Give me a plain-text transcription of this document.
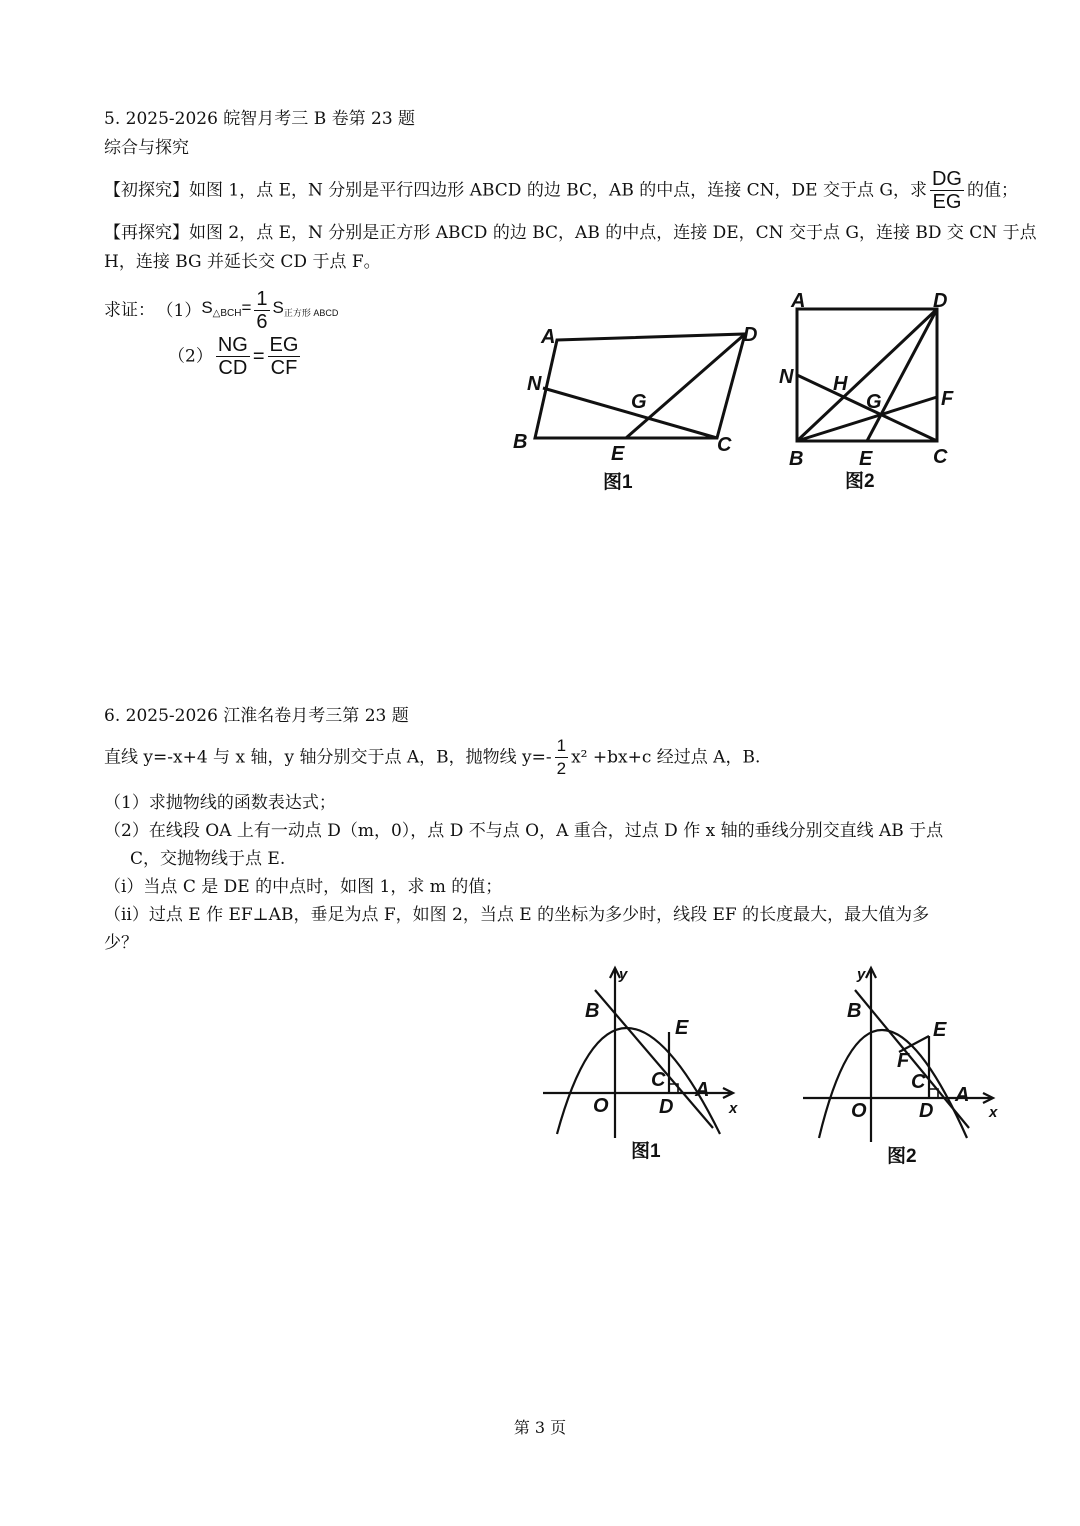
5. 2025-2026 皖智月考三 B 卷第 23 题
综合与探究
【初探究】如图 1，点 E，N 分别是平行四边形 ABCD 的边 BC，AB 的中点，连接 CN，DE 交于点 G，求 $\frac{DG}{EG}$ 的值；
【再探究】如图 2，点 E，N 分别是正方形 ABCD 的边 BC，AB 的中点，连接 DE，CN 交于点 G，连接 BD 交 CN 于点
H，连接 BG 并延长交 CD 于点 F。
求证： $(1)S_{\triangle BCH}= \frac{1}{6} S_{正方形 ABCD}$
$(2) \frac{NG}{CD} = \frac{EG}{CF}$	A	D
N
G
B
E	C
图1
A	D
N H
G	F
B	E	C
图2
6. 2025-2026 江淮名卷月考三第 23 题
直线 y=-x+4 与 x 轴，y 轴分别交于点 A，B，抛物线 $y=- \frac{1}{2} x^2 +bx+c$ 经过点 A，B.
（1）求抛物线的函数表达式；
（2）在线段 OA 上有一动点 D（m，0），点 D 不与点 O，A 重合，过点 D 作 x 轴的垂线分别交直线 AB 于点
C，交抛物线于点 E.
（i）当点 C 是 DE 的中点时，如图 1，求 m 的值；
（ii）过点 E 作 EF⊥AB，垂足为点 F，如图 2，当点 E 的坐标为多少时，线段 EF 的长度最大，最大值为多
少？
y
B
E
C A
O	D	x
图1
y
B
E
F
C
A
O	D	x
图2
第 3 页
